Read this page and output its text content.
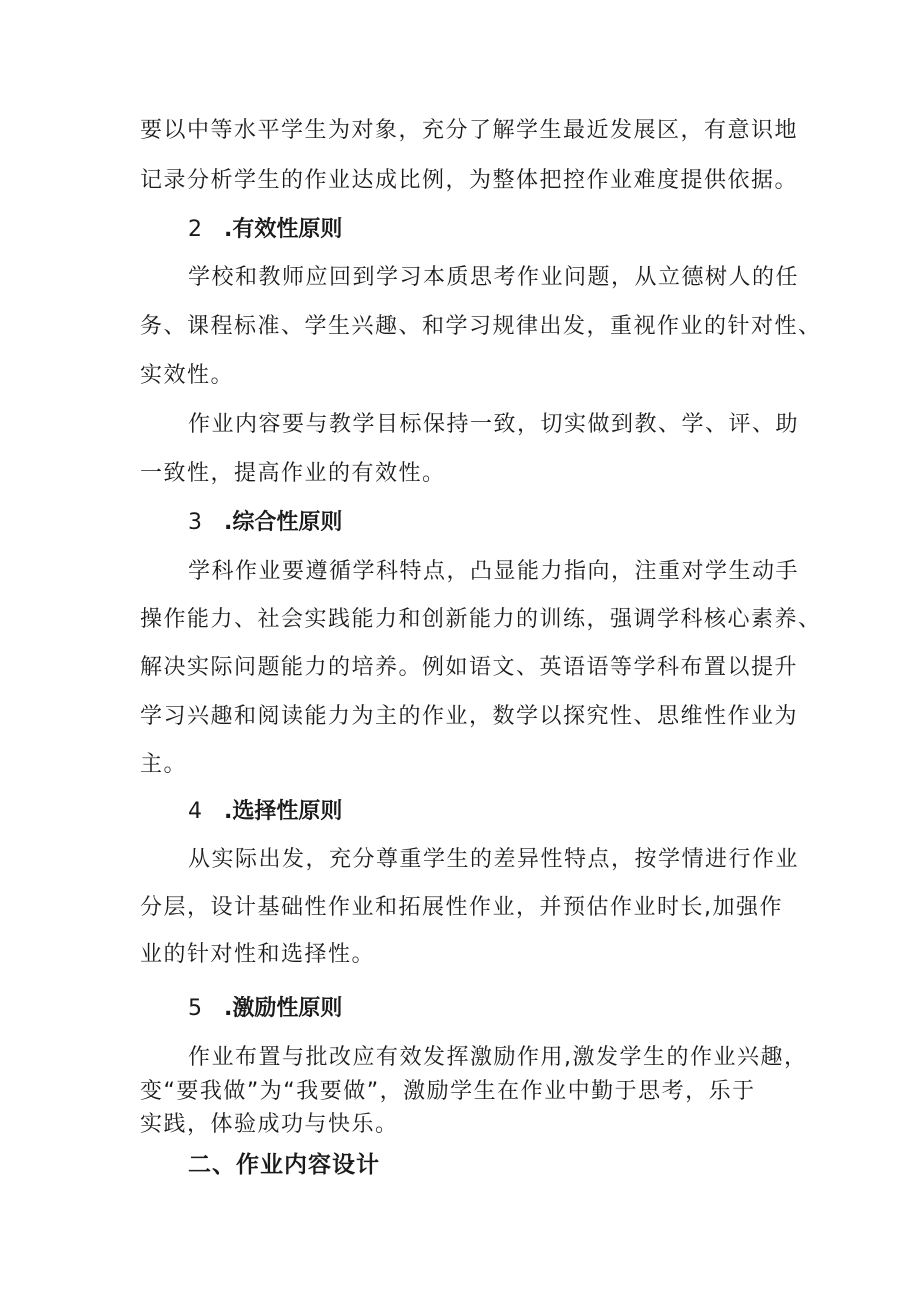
要以中等水平学生为对象，充分了解学生最近发展区，有意识地
记录分析学生的作业达成比例，为整体把控作业难度提供依据。
2 .有效性原则
学校和教师应回到学习本质思考作业问题，从立德树人的任
务、课程标准、学生兴趣、和学习规律出发，重视作业的针对性、
实效性。
作业内容要与教学目标保持一致，切实做到教、学、评、助
一致性，提高作业的有效性。
3 .综合性原则
学科作业要遵循学科特点，凸显能力指向，注重对学生动手
操作能力、社会实践能力和创新能力的训练，强调学科核心素养、
解决实际问题能力的培养。例如语文、英语语等学科布置以提升
学习兴趣和阅读能力为主的作业，数学以探究性、思维性作业为
主。
4 .选择性原则
从实际出发，充分尊重学生的差异性特点，按学情进行作业
分层，设计基础性作业和拓展性作业，并预估作业时长,加强作
业的针对性和选择性。
5 .激励性原则
作业布置与批改应有效发挥激励作用,激发学生的作业兴趣，
变“要我做”为“我要做”，激励学生在作业中勤于思考，乐于
实践，体验成功与快乐。
二、作业内容设计
